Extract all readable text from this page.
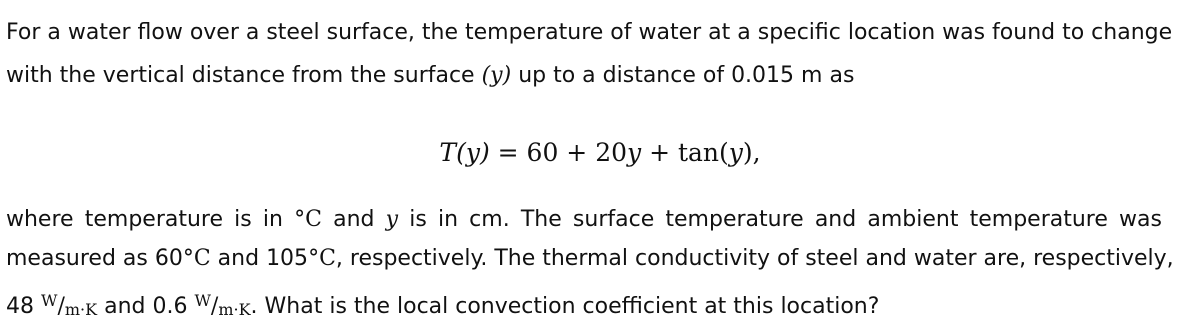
For a water flow over a steel surface, the temperature of water at a specific location was found to change
with the vertical distance from the surface (y) up to a distance of 0.015 m as
T(y) = 60 + 20y + tan(y),
where temperature is in °C and y is in cm. The surface temperature and ambient temperature was
measured as 60°C and 105°C, respectively. The thermal conductivity of steel and water are, respectively,
48 $^W/_{m\cdot K}$ and 0.6 $^W/_{m\cdot K}$. What is the local convection coefficient at this location?
